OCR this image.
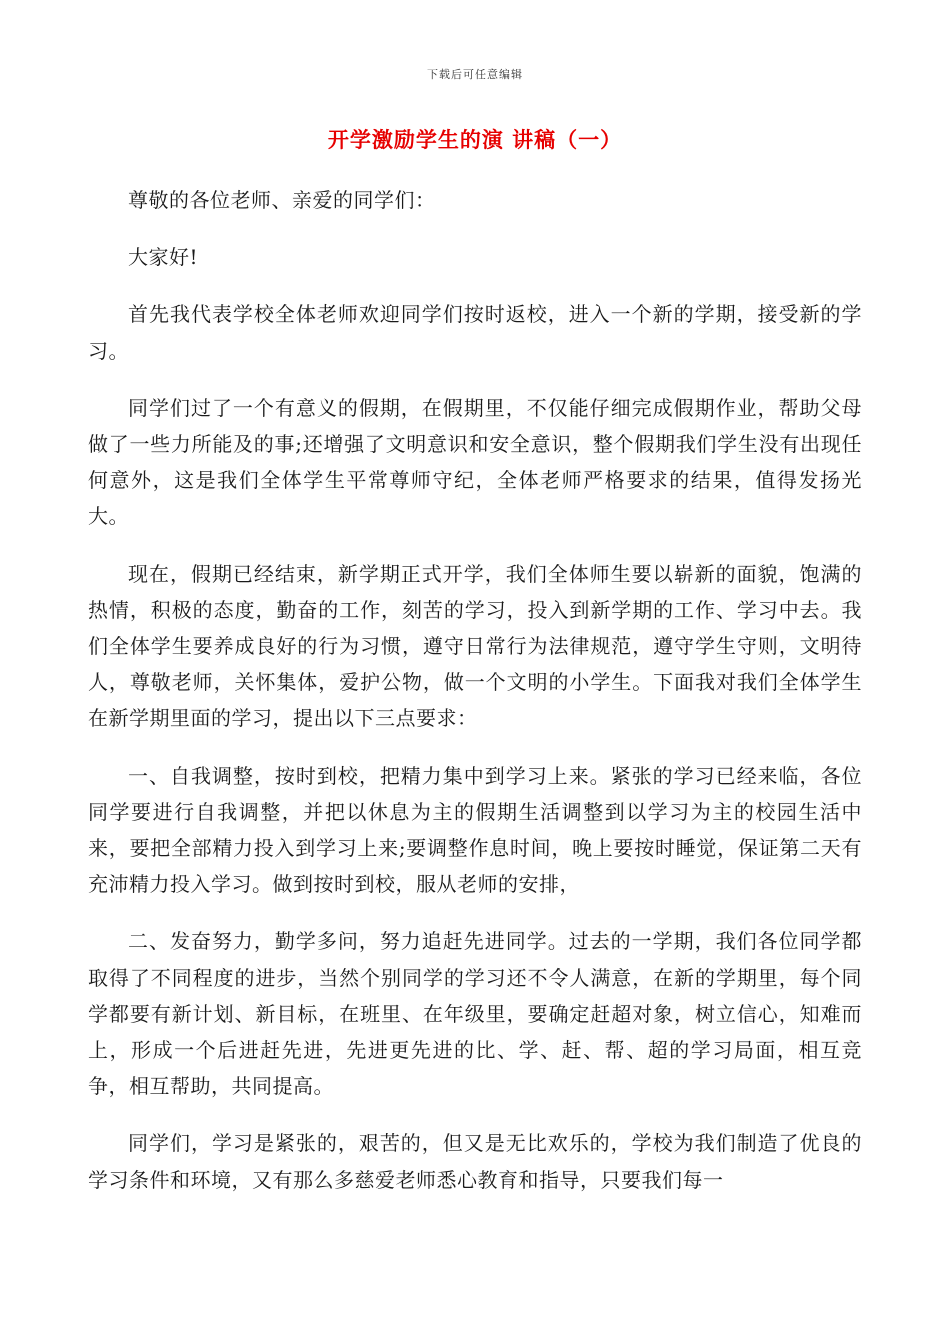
下载后可任意编辑
开学激励学生的演 讲稿（一）

尊敬的各位老师、亲爱的同学们：

大家好!

首先我代表学校全体老师欢迎同学们按时返校，进入一个新的学期，接受新的学习。

同学们过了一个有意义的假期，在假期里，不仅能仔细完成假期作业，帮助父母做了一些力所能及的事;还增强了文明意识和安全意识，整个假期我们学生没有出现任何意外，这是我们全体学生平常尊师守纪，全体老师严格要求的结果，值得发扬光大。

现在，假期已经结束，新学期正式开学，我们全体师生要以崭新的面貌，饱满的热情，积极的态度，勤奋的工作，刻苦的学习，投入到新学期的工作、学习中去。我们全体学生要养成良好的行为习惯，遵守日常行为法律规范，遵守学生守则，文明待人，尊敬老师，关怀集体，爱护公物，做一个文明的小学生。下面我对我们全体学生在新学期里面的学习，提出以下三点要求：

一、自我调整，按时到校，把精力集中到学习上来。紧张的学习已经来临，各位同学要进行自我调整，并把以休息为主的假期生活调整到以学习为主的校园生活中来，要把全部精力投入到学习上来;要调整作息时间，晚上要按时睡觉，保证第二天有充沛精力投入学习。做到按时到校，服从老师的安排，

二、发奋努力，勤学多问，努力追赶先进同学。过去的一学期，我们各位同学都取得了不同程度的进步，当然个别同学的学习还不令人满意，在新的学期里，每个同学都要有新计划、新目标，在班里、在年级里，要确定赶超对象，树立信心，知难而上，形成一个后进赶先进，先进更先进的比、学、赶、帮、超的学习局面，相互竞争，相互帮助，共同提高。

同学们，学习是紧张的，艰苦的，但又是无比欢乐的，学校为我们制造了优良的学习条件和环境，又有那么多慈爱老师悉心教育和指导，只要我们每一
